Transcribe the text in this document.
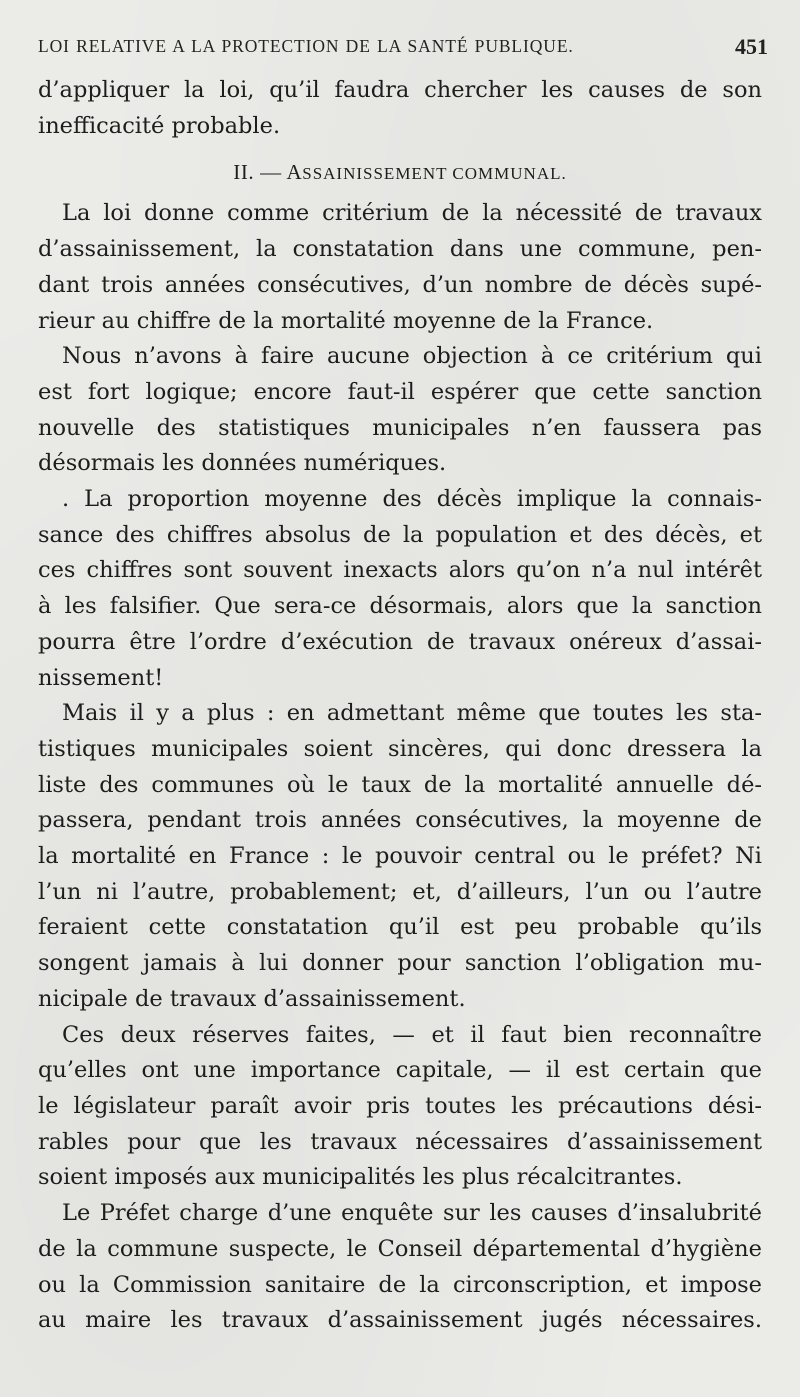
LOI RELATIVE A LA PROTECTION DE LA SANTÉ PUBLIQUE.	451

d’appliquer la loi, qu’il faudra chercher les causes de son
inefficacité probable.

II. — ASSAINISSEMENT COMMUNAL.

La loi donne comme critérium de la nécessité de travaux
d’assainissement, la constatation dans une commune, pen-
dant trois années consécutives, d’un nombre de décès supé-
rieur au chiffre de la mortalité moyenne de la France.

Nous n’avons à faire aucune objection à ce critérium qui
est fort logique; encore faut-il espérer que cette sanction
nouvelle des statistiques municipales n’en faussera pas
désormais les données numériques.

. La proportion moyenne des décès implique la connais-
sance des chiffres absolus de la population et des décès, et
ces chiffres sont souvent inexacts alors qu’on n’a nul intérêt
à les falsifier. Que sera-ce désormais, alors que la sanction
pourra être l’ordre d’exécution de travaux onéreux d’assai-
nissement!

Mais il y a plus : en admettant même que toutes les sta-
tistiques municipales soient sincères, qui donc dressera la
liste des communes où le taux de la mortalité annuelle dé-
passera, pendant trois années consécutives, la moyenne de
la mortalité en France : le pouvoir central ou le préfet? Ni
l’un ni l’autre, probablement; et, d’ailleurs, l’un ou l’autre
feraient cette constatation qu’il est peu probable qu’ils
songent jamais à lui donner pour sanction l’obligation mu-
nicipale de travaux d’assainissement.

Ces deux réserves faites, — et il faut bien reconnaître
qu’elles ont une importance capitale, — il est certain que
le législateur paraît avoir pris toutes les précautions dési-
rables pour que les travaux nécessaires d’assainissement
soient imposés aux municipalités les plus récalcitrantes.

Le Préfet charge d’une enquête sur les causes d’insalubrité
de la commune suspecte, le Conseil départemental d’hygiène
ou la Commission sanitaire de la circonscription, et impose
au maire les travaux d’assainissement jugés nécessaires.
